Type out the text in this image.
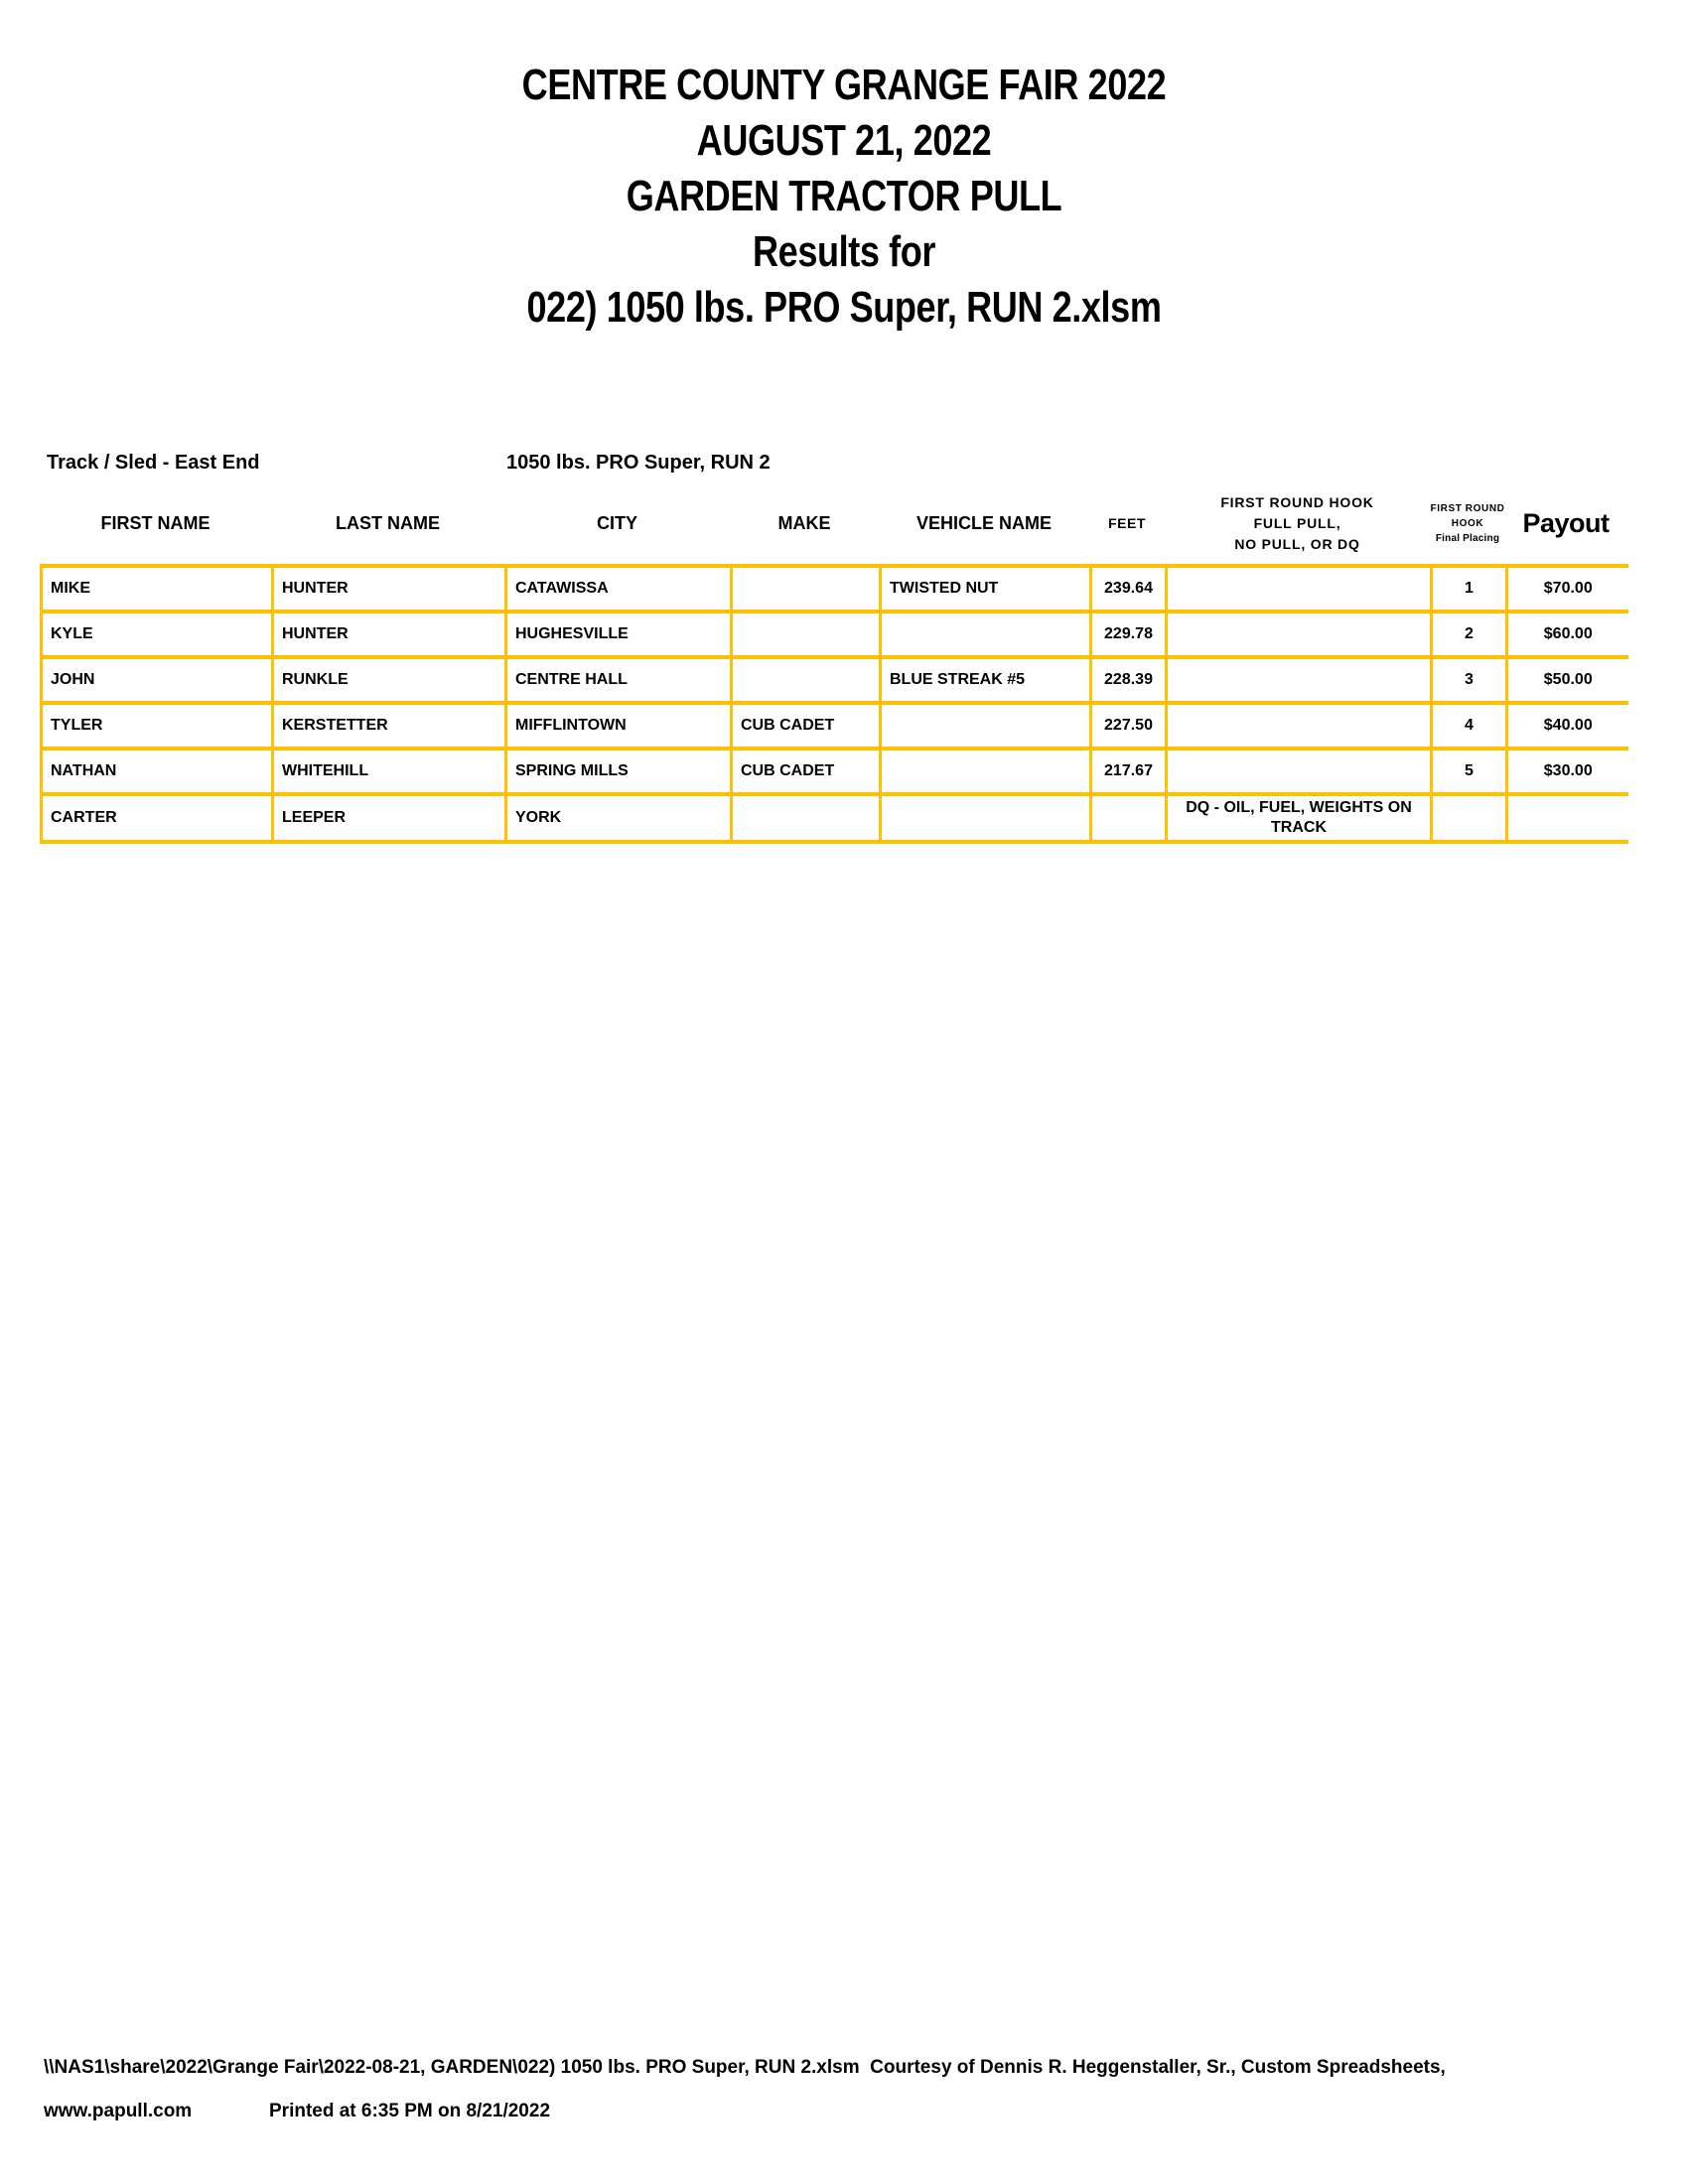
CENTRE COUNTY GRANGE FAIR 2022
AUGUST 21, 2022
GARDEN TRACTOR PULL
Results for
022) 1050 lbs. PRO Super, RUN 2.xlsm
Track / Sled - East End	1050 lbs. PRO Super, RUN 2
FIRST NAME	LAST NAME	CITY	MAKE	VEHICLE NAME	FEET
FIRST ROUND HOOK
FULL PULL,
NO PULL, OR DQ
FIRST ROUND
HOOK
Final Placing
Payout
MIKE	HUNTER	CATAWISSA		TWISTED NUT	239.64		1	$70.00
KYLE	HUNTER	HUGHESVILLE			229.78		2	$60.00
JOHN	RUNKLE	CENTRE HALL		BLUE STREAK #5	228.39		3	$50.00
TYLER	KERSTETTER	MIFFLINTOWN	CUB CADET		227.50		4	$40.00
NATHAN	WHITEHILL	SPRING MILLS	CUB CADET		217.67		5	$30.00
CARTER	LEEPER	YORK				DQ - OIL, FUEL, WEIGHTS ON TRACK		
\\NAS1\share\2022\Grange Fair\2022-08-21, GARDEN\022) 1050 lbs. PRO Super, RUN 2.xlsm  Courtesy of Dennis R. Heggenstaller, Sr., Custom Spreadsheets,
www.papull.com	Printed at 6:35 PM on 8/21/2022
